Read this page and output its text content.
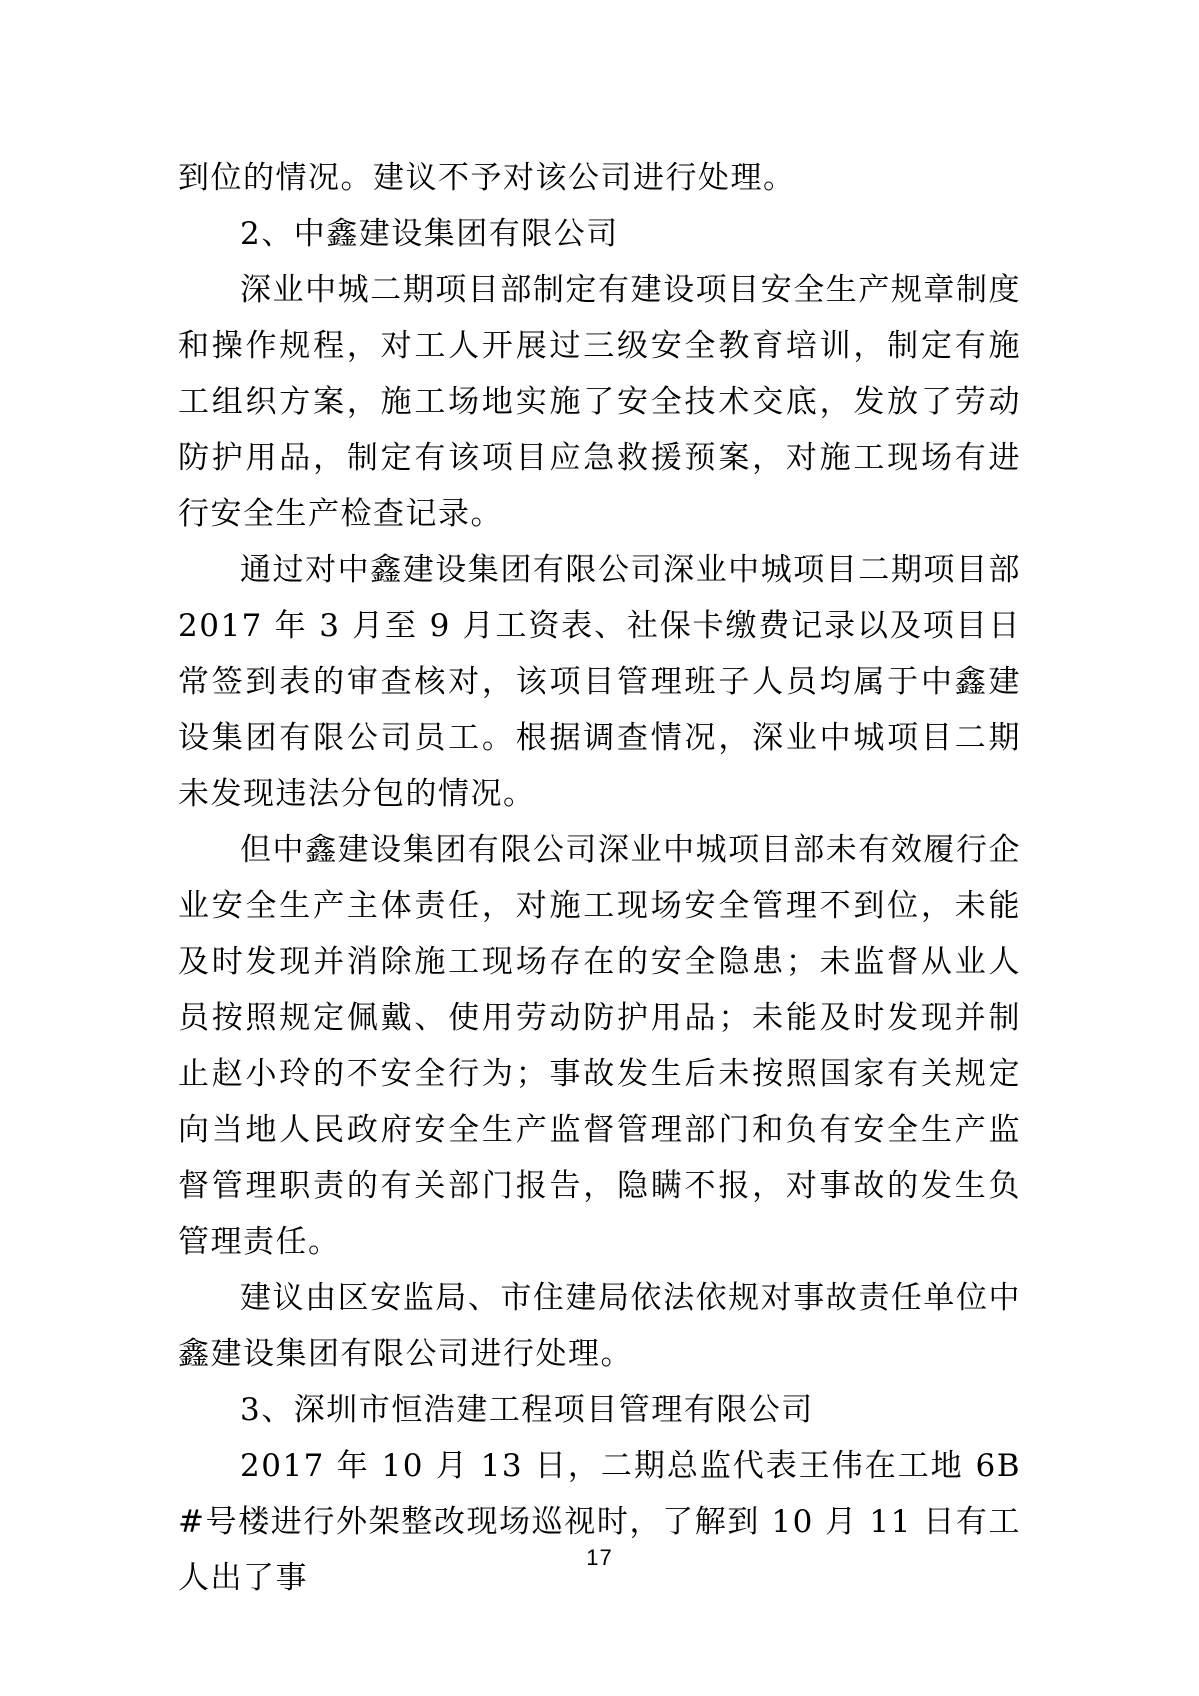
到位的情况。建议不予对该公司进行处理。

2、中鑫建设集团有限公司

深业中城二期项目部制定有建设项目安全生产规章制度和操作规程，对工人开展过三级安全教育培训，制定有施工组织方案，施工场地实施了安全技术交底，发放了劳动防护用品，制定有该项目应急救援预案，对施工现场有进行安全生产检查记录。

通过对中鑫建设集团有限公司深业中城项目二期项目部 2017 年 3 月至 9 月工资表、社保卡缴费记录以及项目日常签到表的审查核对，该项目管理班子人员均属于中鑫建设集团有限公司员工。根据调查情况，深业中城项目二期未发现违法分包的情况。

但中鑫建设集团有限公司深业中城项目部未有效履行企业安全生产主体责任，对施工现场安全管理不到位，未能及时发现并消除施工现场存在的安全隐患；未监督从业人员按照规定佩戴、使用劳动防护用品；未能及时发现并制止赵小玲的不安全行为；事故发生后未按照国家有关规定向当地人民政府安全生产监督管理部门和负有安全生产监督管理职责的有关部门报告，隐瞒不报，对事故的发生负管理责任。

建议由区安监局、市住建局依法依规对事故责任单位中鑫建设集团有限公司进行处理。

3、深圳市恒浩建工程项目管理有限公司

2017 年 10 月 13 日，二期总监代表王伟在工地 6B#号楼进行外架整改现场巡视时，了解到 10 月 11 日有工人出了事

17
